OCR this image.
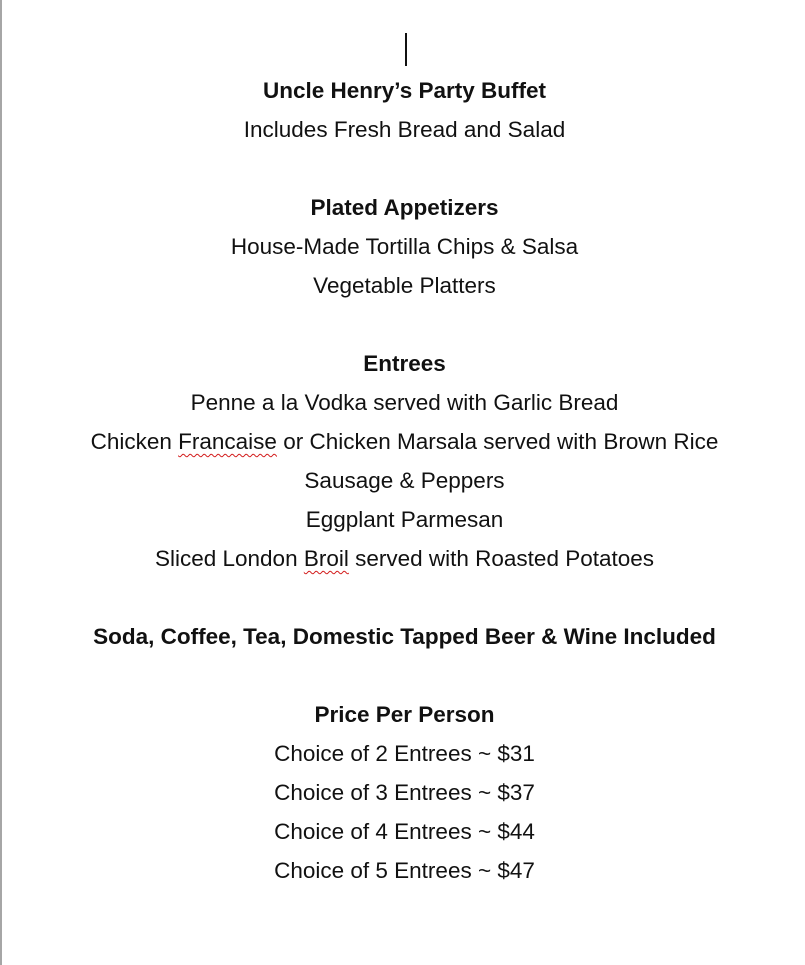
Uncle Henry’s Party Buffet
Includes Fresh Bread and Salad
Plated Appetizers
House-Made Tortilla Chips & Salsa
Vegetable Platters
Entrees
Penne a la Vodka served with Garlic Bread
Chicken Francaise or Chicken Marsala served with Brown Rice
Sausage & Peppers
Eggplant Parmesan
Sliced London Broil served with Roasted Potatoes
Soda, Coffee, Tea, Domestic Tapped Beer & Wine Included
Price Per Person
Choice of 2 Entrees ~ $31
Choice of 3 Entrees ~ $37
Choice of 4 Entrees ~ $44
Choice of 5 Entrees ~ $47
